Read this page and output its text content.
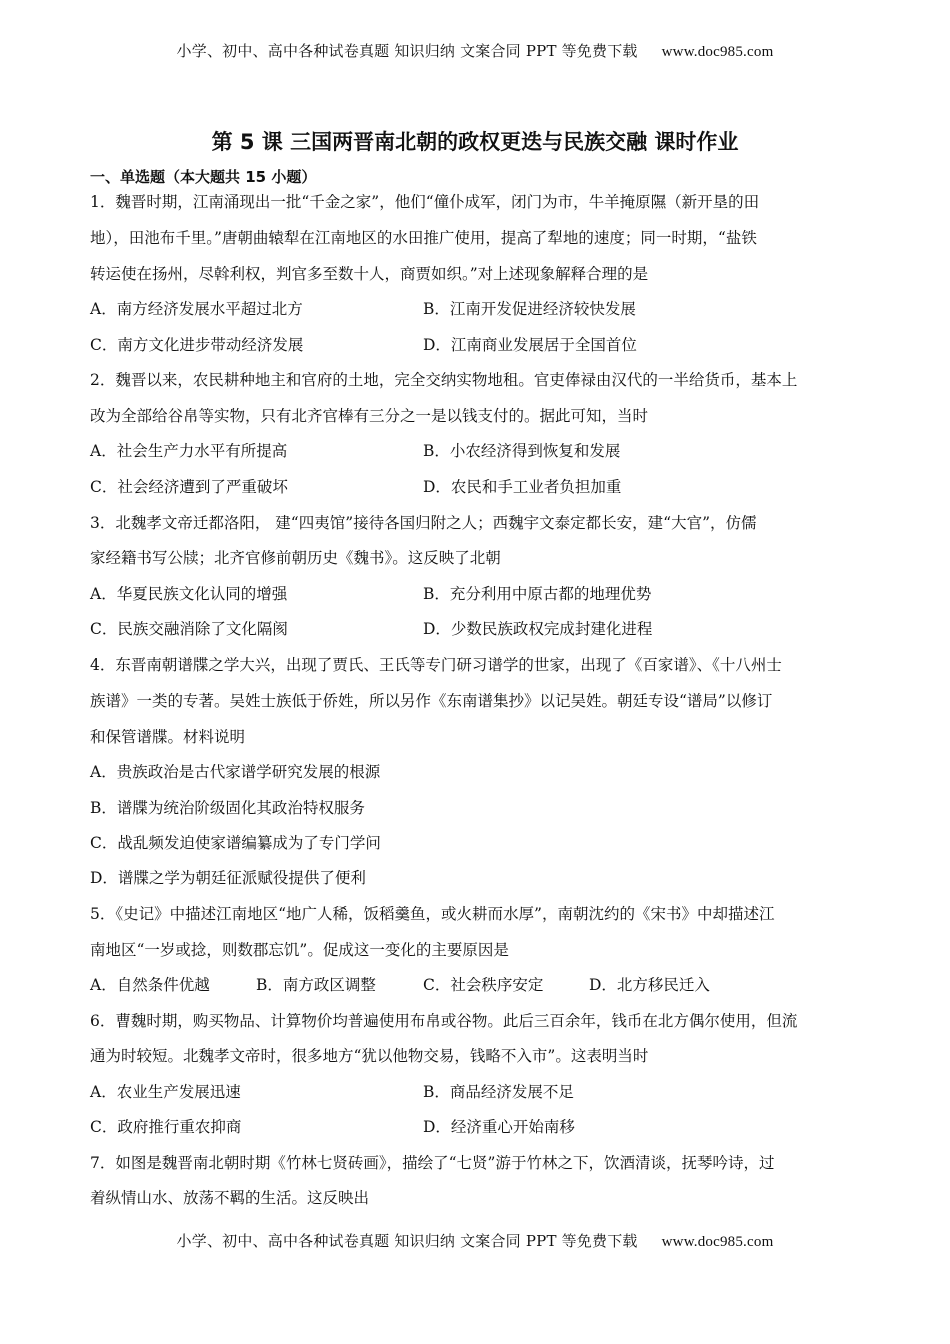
小学、初中、高中各种试卷真题 知识归纳 文案合同 PPT 等免费下载 www.doc985.com
第 5 课 三国两晋南北朝的政权更迭与民族交融 课时作业
一、单选题（本大题共 15 小题）
1．魏晋时期，江南涌现出一批“千金之家”，他们“僮仆成军，闭门为市，牛羊掩原隰（新开垦的田
地），田池布千里。”唐朝曲辕犁在江南地区的水田推广使用，提高了犁地的速度；同一时期，“盐铁
转运使在扬州，尽斡利权，判官多至数十人，商贾如织。”对上述现象解释合理的是
A．南方经济发展水平超过北方	B．江南开发促进经济较快发展
C．南方文化进步带动经济发展	D．江南商业发展居于全国首位
2．魏晋以来，农民耕种地主和官府的土地，完全交纳实物地租。官吏俸禄由汉代的一半给货币，基本上
改为全部给谷帛等实物，只有北齐官棒有三分之一是以钱支付的。据此可知，当时
A．社会生产力水平有所提高	B．小农经济得到恢复和发展
C．社会经济遭到了严重破坏	D．农民和手工业者负担加重
3．北魏孝文帝迁都洛阳， 建“四夷馆”接待各国归附之人；西魏宇文泰定都长安，建“大官”，仿儒
家经籍书写公牍；北齐官修前朝历史《魏书》。这反映了北朝
A．华夏民族文化认同的增强	B．充分利用中原古都的地理优势
C．民族交融消除了文化隔阂	D．少数民族政权完成封建化进程
4．东晋南朝谱牒之学大兴，出现了贾氏、王氏等专门研习谱学的世家，出现了《百家谱》、《十八州士
族谱》一类的专著。吴姓士族低于侨姓，所以另作《东南谱集抄》以记吴姓。朝廷专设“谱局”以修订
和保管谱牒。材料说明
A．贵族政治是古代家谱学研究发展的根源
B．谱牒为统治阶级固化其政治特权服务
C．战乱频发迫使家谱编纂成为了专门学问
D．谱牒之学为朝廷征派赋役提供了便利
5．《史记》中描述江南地区“地广人稀，饭稻羹鱼，或火耕而水厚”，南朝沈约的《宋书》中却描述江
南地区“一岁或捻，则数郡忘饥”。促成这一变化的主要原因是
A．自然条件优越	B．南方政区调整	C．社会秩序安定	D．北方移民迁入
6．曹魏时期，购买物品、计算物价均普遍使用布帛或谷物。此后三百余年，钱币在北方偶尔使用，但流
通为时较短。北魏孝文帝时，很多地方“犹以他物交易，钱略不入市”。这表明当时
A．农业生产发展迅速	B．商品经济发展不足
C．政府推行重农抑商	D．经济重心开始南移
7．如图是魏晋南北朝时期《竹林七贤砖画》，描绘了“七贤”游于竹林之下，饮酒清谈，抚琴吟诗，过
着纵情山水、放荡不羁的生活。这反映出
小学、初中、高中各种试卷真题 知识归纳 文案合同 PPT 等免费下载 www.doc985.com
